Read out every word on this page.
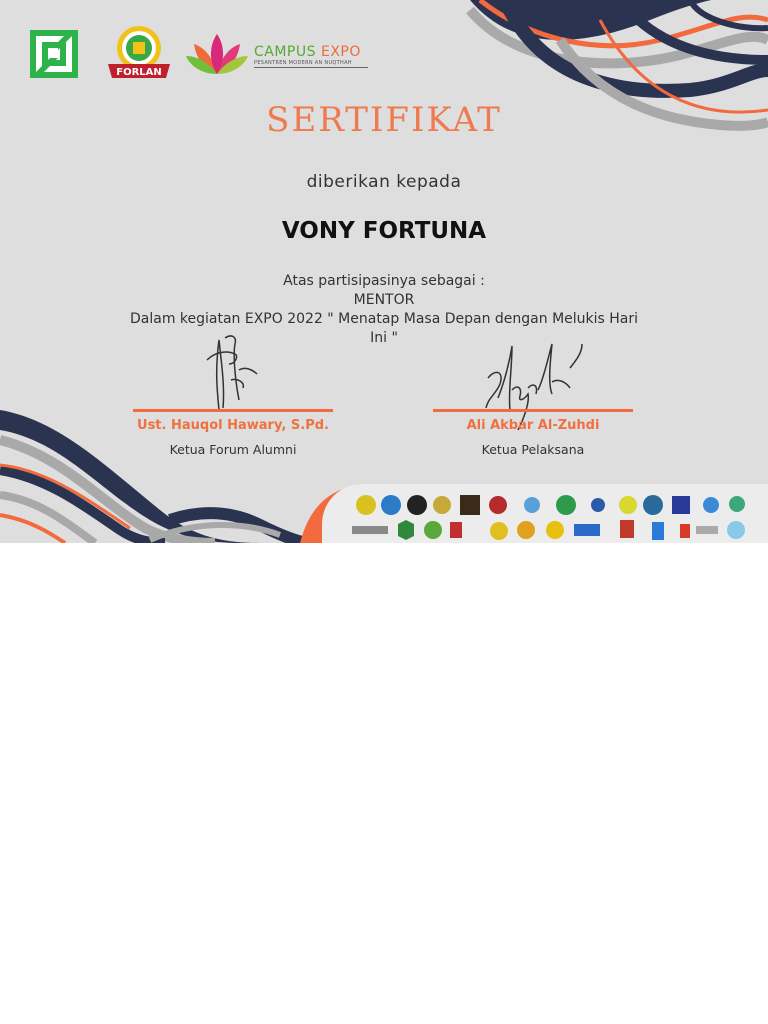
FORLAN
CAMPUS EXPO
PESANTREN MODERN AN NUQTHAH
SERTIFIKAT
diberikan kepada
VONY FORTUNA
Atas partisipasinya sebagai :
MENTOR
Dalam kegiatan EXPO 2022 " Menatap Masa Depan dengan Melukis Hari
Ini "
Ust. Hauqol Hawary, S.Pd.	Ali Akbar Al-Zuhdi
Ketua Forum Alumni	Ketua Pelaksana
